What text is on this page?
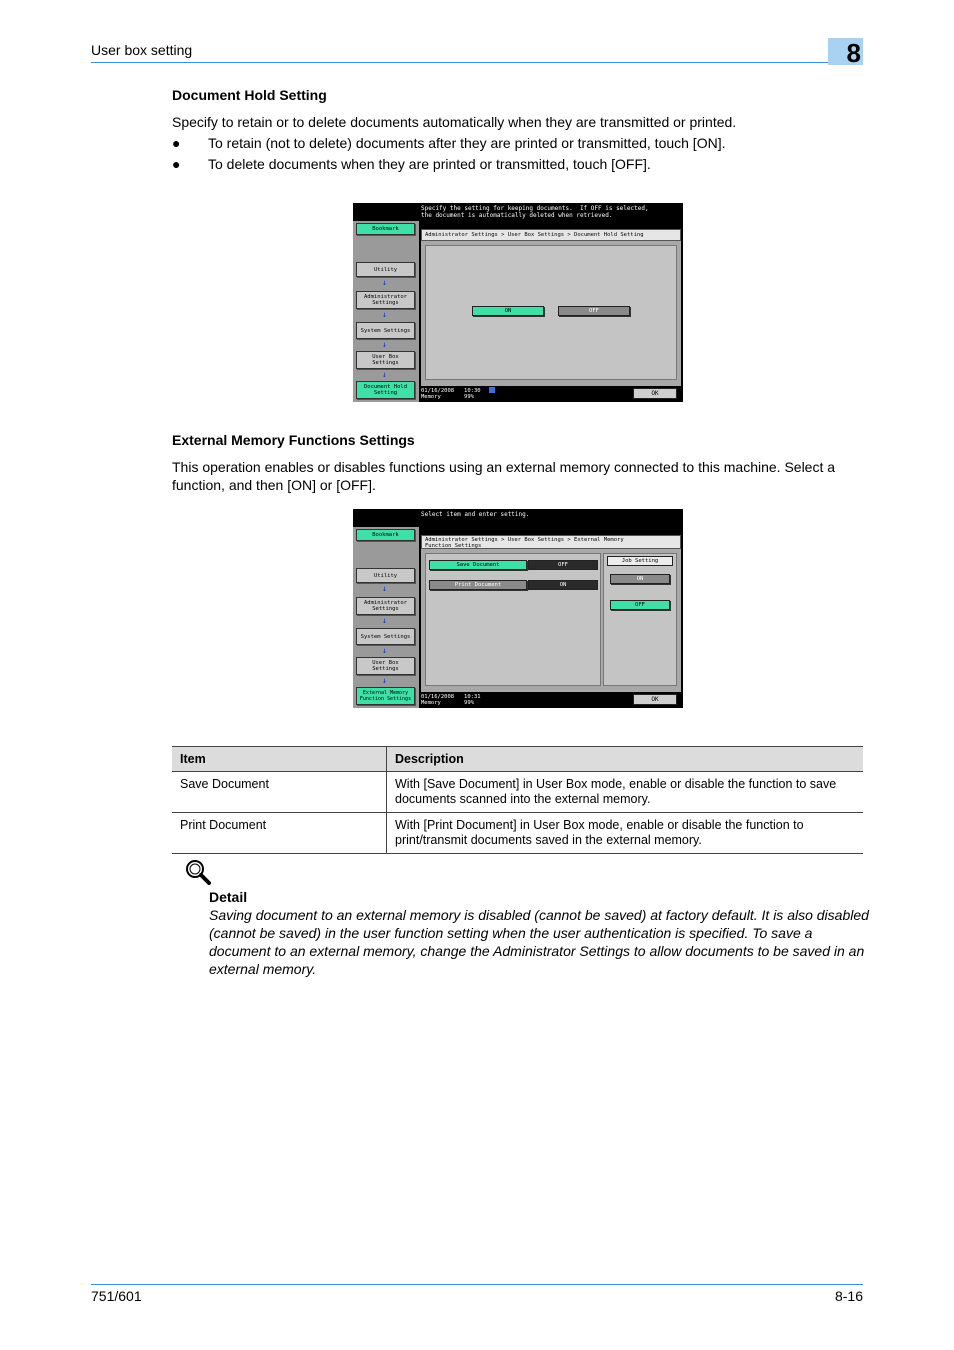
User box setting	8
Document Hold Setting
Specify to retain or to delete documents automatically when they are transmitted or printed.
● To retain (not to delete) documents after they are printed or transmitted, touch [ON].
● To delete documents when they are printed or transmitted, touch [OFF].
Specify the setting for keeping documents.  If OFF is selected,
the document is automatically deleted when retrieved.
Bookmark
Utility
↓
Administrator
Settings
↓
System Settings
↓
User Box
Settings
↓
Document Hold
Setting
Administrator Settings > User Box Settings > Document Hold Setting
ON	OFF
01/16/2008   10:30
Memory       99%	OK
External Memory Functions Settings
This operation enables or disables functions using an external memory connected to this machine. Select a function, and then [ON] or [OFF].
Select item and enter setting.
Bookmark
Utility
↓
Administrator
Settings
↓
System Settings
↓
User Box
Settings
↓
External Memory
Function Settings
Administrator Settings > User Box Settings > External Memory
Function Settings
Save Document	OFF
Print Document	ON
Job Setting
ON
OFF
01/16/2008   10:31
Memory       99%	OK
Item	Description
Save Document	With [Save Document] in User Box mode, enable or disable the function to save documents scanned into the external memory.
Print Document	With [Print Document] in User Box mode, enable or disable the function to print/transmit documents saved in the external memory.
Detail
Saving document to an external memory is disabled (cannot be saved) at factory default. It is also disabled (cannot be saved) in the user function setting when the user authentication is specified. To save a document to an external memory, change the Administrator Settings to allow documents to be saved in an external memory.
751/601	8-16
